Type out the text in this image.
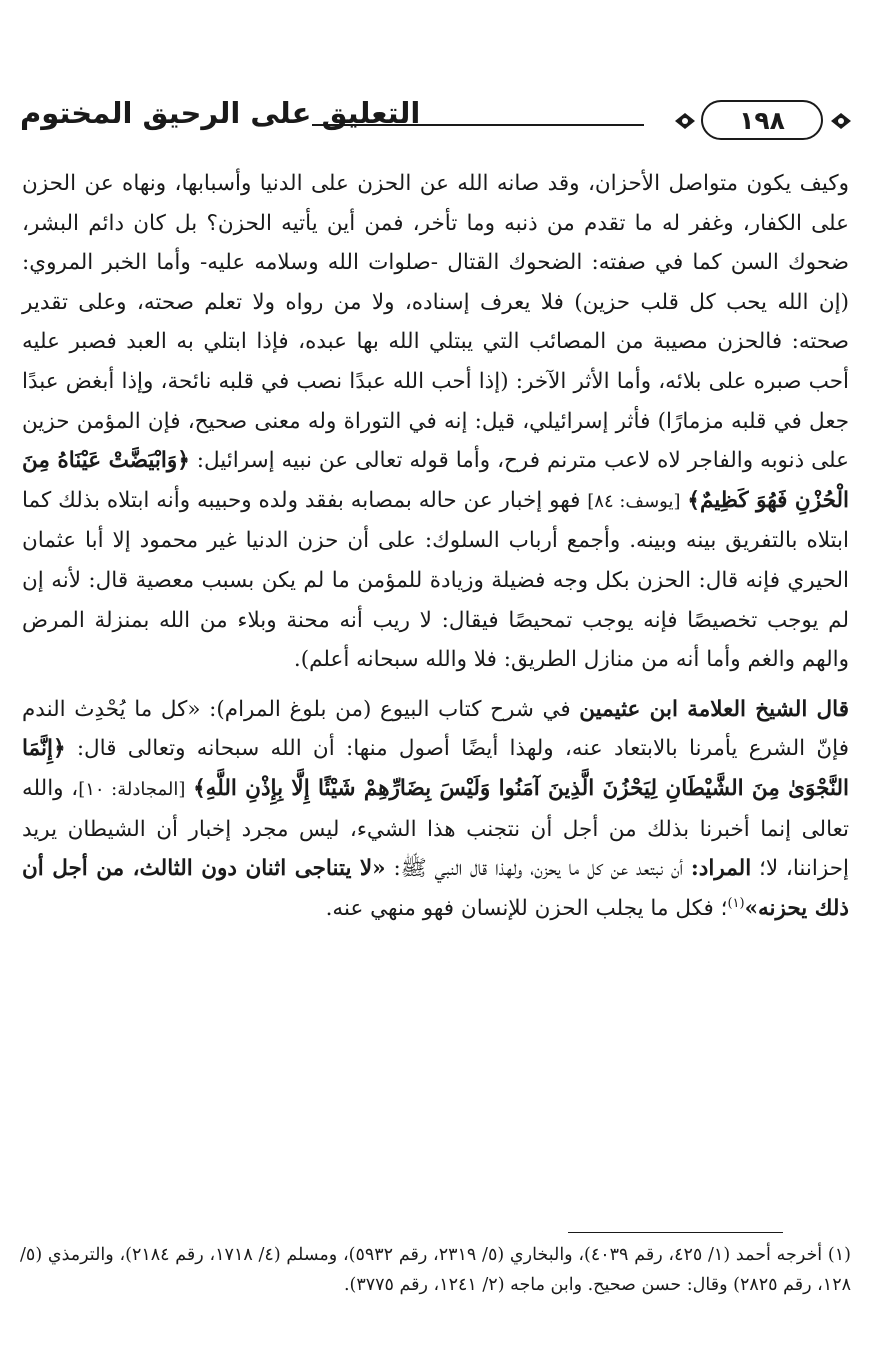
١٩٨
التعليق على الرحيق المختوم

وكيف يكون متواصل الأحزان، وقد صانه الله عن الحزن على الدنيا وأسبابها، ونهاه عن الحزن على الكفار، وغفر له ما تقدم من ذنبه وما تأخر، فمن أين يأتيه الحزن؟ بل كان دائم البشر، ضحوك السن كما في صفته: الضحوك القتال -صلوات الله وسلامه عليه- وأما الخبر المروي: (إن الله يحب كل قلب حزين) فلا يعرف إسناده، ولا من رواه ولا تعلم صحته، وعلى تقدير صحته: فالحزن مصيبة من المصائب التي يبتلي الله بها عبده، فإذا ابتلي به العبد فصبر عليه أحب صبره على بلائه، وأما الأثر الآخر: (إذا أحب الله عبدًا نصب في قلبه نائحة، وإذا أبغض عبدًا جعل في قلبه مزمارًا) فأثر إسرائيلي، قيل: إنه في التوراة وله معنى صحيح، فإن المؤمن حزين على ذنوبه والفاجر لاه لاعب مترنم فرح، وأما قوله تعالى عن نبيه إسرائيل: ﴿وَابْيَضَّتْ عَيْنَاهُ مِنَ الْحُزْنِ فَهُوَ كَظِيمٌ﴾ [يوسف: ٨٤] فهو إخبار عن حاله بمصابه بفقد ولده وحبيبه وأنه ابتلاه بذلك كما ابتلاه بالتفريق بينه وبينه. وأجمع أرباب السلوك: على أن حزن الدنيا غير محمود إلا أبا عثمان الحيري فإنه قال: الحزن بكل وجه فضيلة وزيادة للمؤمن ما لم يكن بسبب معصية قال: لأنه إن لم يوجب تخصيصًا فإنه يوجب تمحيصًا فيقال: لا ريب أنه محنة وبلاء من الله بمنزلة المرض والهم والغم وأما أنه من منازل الطريق: فلا والله سبحانه أعلم).

قال الشيخ العلامة ابن عثيمين في شرح كتاب البيوع (من بلوغ المرام): «كل ما يُحْدِث الندم فإنّ الشرع يأمرنا بالابتعاد عنه، ولهذا أيضًا أصول منها: أن الله سبحانه وتعالى قال: ﴿إِنَّمَا النَّجْوَىٰ مِنَ الشَّيْطَانِ لِيَحْزُنَ الَّذِينَ آمَنُوا وَلَيْسَ بِضَارِّهِمْ شَيْئًا إِلَّا بِإِذْنِ اللَّهِ﴾ [المجادلة: ١٠]، والله تعالى إنما أخبرنا بذلك من أجل أن نتجنب هذا الشيء، ليس مجرد إخبار أن الشيطان يريد إحزاننا، لا؛ المراد: أن نبتعد عن كل ما يحزن، ولهذا قال النبي ﷺ: «لا يتناجى اثنان دون الثالث، من أجل أن ذلك يحزنه»$^{(١)}$؛ فكل ما يجلب الحزن للإنسان فهو منهي عنه.

(١) أخرجه أحمد (١/ ٤٢٥، رقم ٤٠٣٩)، والبخاري (٥/ ٢٣١٩، رقم ٥٩٣٢)، ومسلم (٤/ ١٧١٨، رقم ٢١٨٤)، والترمذي (٥/ ١٢٨، رقم ٢٨٢٥) وقال: حسن صحيح. وابن ماجه (٢/ ١٢٤١، رقم ٣٧٧٥).
